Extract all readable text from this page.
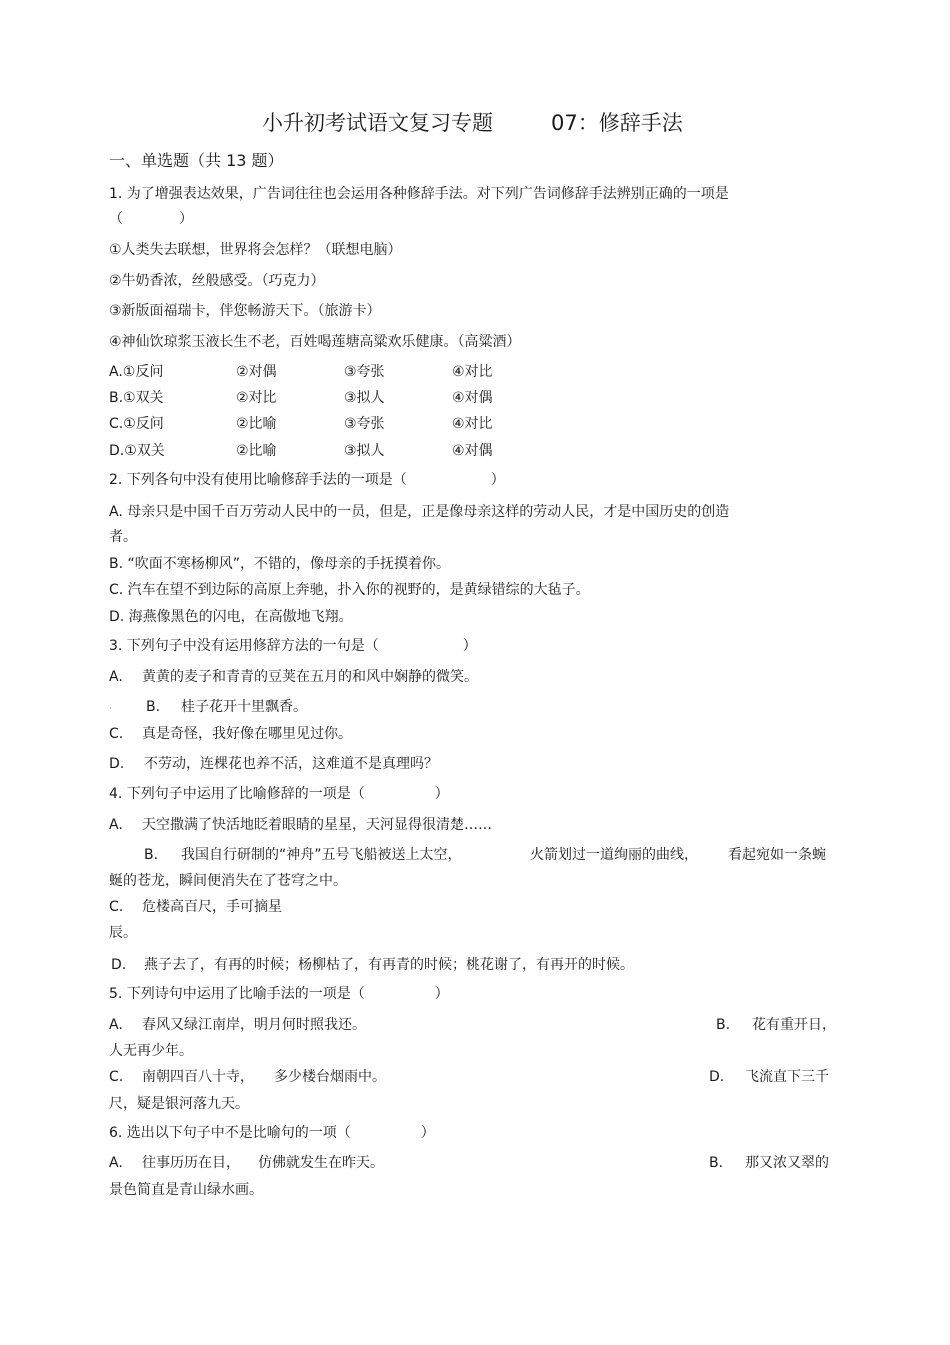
小升初考试语文复习专题	07：修辞手法
一、单选题（共 13 题）
1. 为了增强表达效果，广告词往往也会运用各种修辞手法。对下列广告词修辞手法辨别正确的一项是
（　　　　）
①人类失去联想，世界将会怎样？（联想电脑）
②牛奶香浓，丝般感受。（巧克力）
③新版面福瑞卡，伴您畅游天下。（旅游卡）
④神仙饮琼浆玉液长生不老，百姓喝莲塘高粱欢乐健康。（高粱酒）
A.①反问	②对偶	③夸张	④对比
B.①双关	②对比	③拟人	④对偶
C.①反问	②比喻	③夸张	④对比
D.①双关	②比喻	③拟人	④对偶
2. 下列各句中没有使用比喻修辞手法的一项是（　　　　　　）
A. 母亲只是中国千百万劳动人民中的一员，但是，正是像母亲这样的劳动人民，才是中国历史的创造
者。
B. “吹面不寒杨柳风”，不错的，像母亲的手抚摸着你。
C. 汽车在望不到边际的高原上奔驰，扑入你的视野的，是黄绿错综的大毡子。
D. 海燕像黑色的闪电，在高傲地飞翔。
3. 下列句子中没有运用修辞方法的一句是（　　　　　　）
A. 黄黄的麦子和青青的豆荚在五月的和风中娴静的微笑。
· B. 桂子花开十里飘香。
C. 真是奇怪，我好像在哪里见过你。
D. 不劳动，连棵花也养不活，这难道不是真理吗？
4. 下列句子中运用了比喻修辞的一项是（　　　　　）
A. 天空撒满了快活地眨着眼睛的星星，天河显得很清楚……
B. 我国自行研制的“神舟”五号飞船被送上太空，	火箭划过一道绚丽的曲线， 看起宛如一条蜿
蜒的苍龙，瞬间便消失在了苍穹之中。
C. 危楼高百尺，手可摘星
辰。
D. 燕子去了，有再的时候；杨柳枯了，有再青的时候；桃花谢了，有再开的时候。
5. 下列诗句中运用了比喻手法的一项是（　　　　　）
A. 春风又绿江南岸，明月何时照我还。	B. 花有重开日，
人无再少年。
C. 南朝四百八十寺， 多少楼台烟雨中。	D. 飞流直下三千
尺，疑是银河落九天。
6. 选出以下句子中不是比喻句的一项（　　　　　）
A. 往事历历在目， 仿佛就发生在昨天。	B. 那又浓又翠的
景色简直是青山绿水画。
